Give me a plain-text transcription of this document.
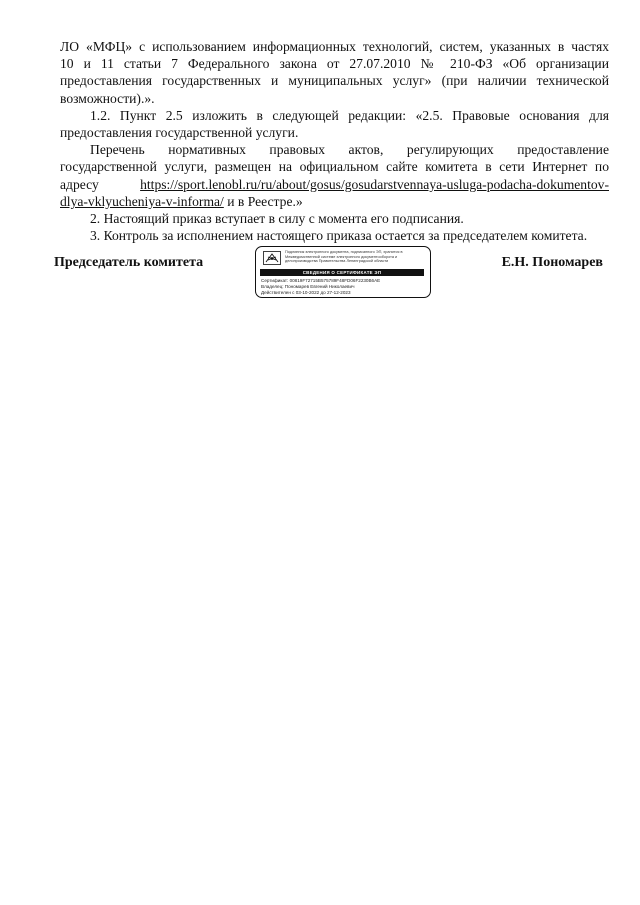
ЛО «МФЦ» с использованием информационных технологий, систем, указанных в частях

10 и 11 статьи 7 Федерального закона от 27.07.2010 № 210-ФЗ «Об организации

предоставления государственных и муниципальных услуг» (при наличии технической

возможности).».

1.2. Пункт 2.5 изложить в следующей редакции: «2.5. Правовые основания для

предоставления государственной услуги.

Перечень нормативных правовых актов, регулирующих предоставление

государственной услуги, размещен на официальном сайте комитета в сети Интернет по

адресу	https://sport.lenobl.ru/ru/about/gosus/gosudarstvennaya-usluga-podacha-dokumentov-

dlya-vklyucheniya-v-informa/ и в Реестре.»

2. Настоящий приказ вступает в силу с момента его подписания.

3. Контроль за исполнением настоящего приказа остается за председателем комитета.

Председатель комитета
Подлинник электронного документа, подписанного ЭП, хранится в Межведомственной системе электронного документооборота и делопроизводства Правительства Ленинградской области
СВЕДЕНИЯ О СЕРТИФИКАТЕ ЭП
Сертификат: 00819F72715B575789F48FD06F2230B6AE
Владелец: Пономарев Евгений Николаевич
Действителен с 03-10-2022 до 27-12-2023
Е.Н. Пономарев
